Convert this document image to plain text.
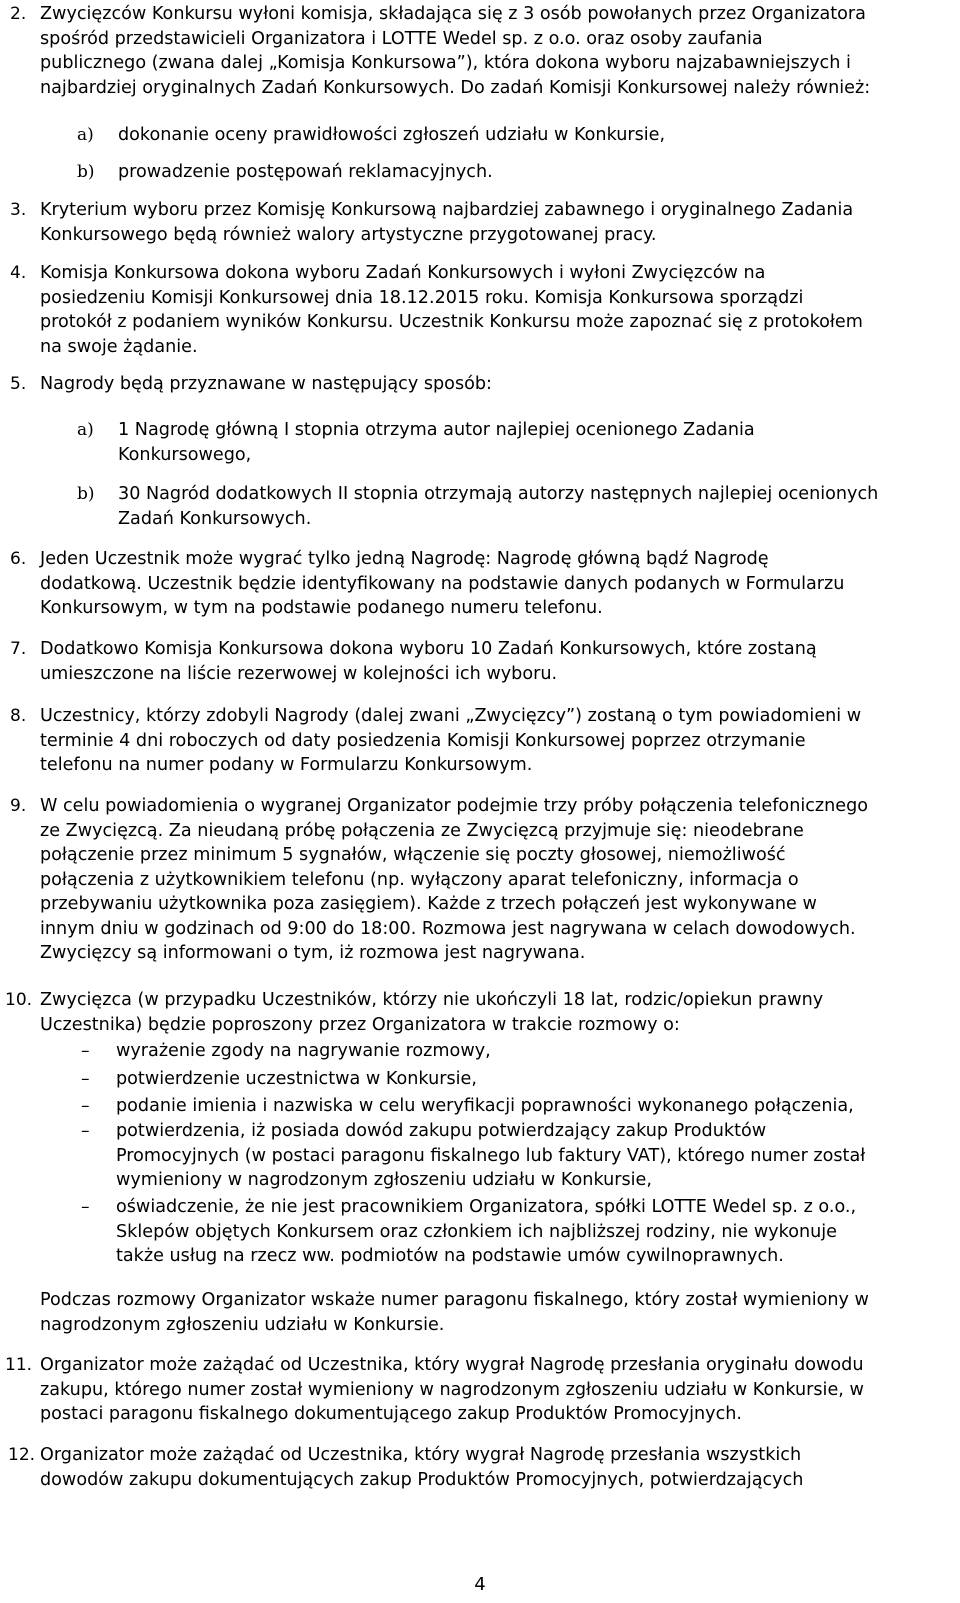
2. Zwycięzców Konkursu wyłoni komisja, składająca się z 3 osób powołanych przez Organizatora
spośród przedstawicieli Organizatora i LOTTE Wedel sp. z o.o. oraz osoby zaufania
publicznego (zwana dalej „Komisja Konkursowa”), która dokona wyboru najzabawniejszych i
najbardziej oryginalnych Zadań Konkursowych. Do zadań Komisji Konkursowej należy również:
a) dokonanie oceny prawidłowości zgłoszeń udziału w Konkursie,
b) prowadzenie postępowań reklamacyjnych.
3. Kryterium wyboru przez Komisję Konkursową najbardziej zabawnego i oryginalnego Zadania
Konkursowego będą również walory artystyczne przygotowanej pracy.
4. Komisja Konkursowa dokona wyboru Zadań Konkursowych i wyłoni Zwycięzców na
posiedzeniu Komisji Konkursowej dnia 18.12.2015 roku. Komisja Konkursowa sporządzi
protokół z podaniem wyników Konkursu. Uczestnik Konkursu może zapoznać się z protokołem
na swoje żądanie.
5. Nagrody będą przyznawane w następujący sposób:
a) 1 Nagrodę główną I stopnia otrzyma autor najlepiej ocenionego Zadania
Konkursowego,
b) 30 Nagród dodatkowych II stopnia otrzymają autorzy następnych najlepiej ocenionych
Zadań Konkursowych.
6. Jeden Uczestnik może wygrać tylko jedną Nagrodę: Nagrodę główną bądź Nagrodę
dodatkową. Uczestnik będzie identyfikowany na podstawie danych podanych w Formularzu
Konkursowym, w tym na podstawie podanego numeru telefonu.
7. Dodatkowo Komisja Konkursowa dokona wyboru 10 Zadań Konkursowych, które zostaną
umieszczone na liście rezerwowej w kolejności ich wyboru.
8. Uczestnicy, którzy zdobyli Nagrody (dalej zwani „Zwycięzcy”) zostaną o tym powiadomieni w
terminie 4 dni roboczych od daty posiedzenia Komisji Konkursowej poprzez otrzymanie
telefonu na numer podany w Formularzu Konkursowym.
9. W celu powiadomienia o wygranej Organizator podejmie trzy próby połączenia telefonicznego
ze Zwycięzcą. Za nieudaną próbę połączenia ze Zwycięzcą przyjmuje się: nieodebrane
połączenie przez minimum 5 sygnałów, włączenie się poczty głosowej, niemożliwość
połączenia z użytkownikiem telefonu (np. wyłączony aparat telefoniczny, informacja o
przebywaniu użytkownika poza zasięgiem). Każde z trzech połączeń jest wykonywane w
innym dniu w godzinach od 9:00 do 18:00. Rozmowa jest nagrywana w celach dowodowych.
Zwycięzcy są informowani o tym, iż rozmowa jest nagrywana.
10. Zwycięzca (w przypadku Uczestników, którzy nie ukończyli 18 lat, rodzic/opiekun prawny
Uczestnika) będzie poproszony przez Organizatora w trakcie rozmowy o:
– wyrażenie zgody na nagrywanie rozmowy,
– potwierdzenie uczestnictwa w Konkursie,
– podanie imienia i nazwiska w celu weryfikacji poprawności wykonanego połączenia,
– potwierdzenia, iż posiada dowód zakupu potwierdzający zakup Produktów
Promocyjnych (w postaci paragonu fiskalnego lub faktury VAT), którego numer został
wymieniony w nagrodzonym zgłoszeniu udziału w Konkursie,
– oświadczenie, że nie jest pracownikiem Organizatora, spółki LOTTE Wedel sp. z o.o.,
Sklepów objętych Konkursem oraz członkiem ich najbliższej rodziny, nie wykonuje
także usług na rzecz ww. podmiotów na podstawie umów cywilnoprawnych.
Podczas rozmowy Organizator wskaże numer paragonu fiskalnego, który został wymieniony w
nagrodzonym zgłoszeniu udziału w Konkursie.
11. Organizator może zażądać od Uczestnika, który wygrał Nagrodę przesłania oryginału dowodu
zakupu, którego numer został wymieniony w nagrodzonym zgłoszeniu udziału w Konkursie, w
postaci paragonu fiskalnego dokumentującego zakup Produktów Promocyjnych.
12. Organizator może zażądać od Uczestnika, który wygrał Nagrodę przesłania wszystkich
dowodów zakupu dokumentujących zakup Produktów Promocyjnych, potwierdzających
4
